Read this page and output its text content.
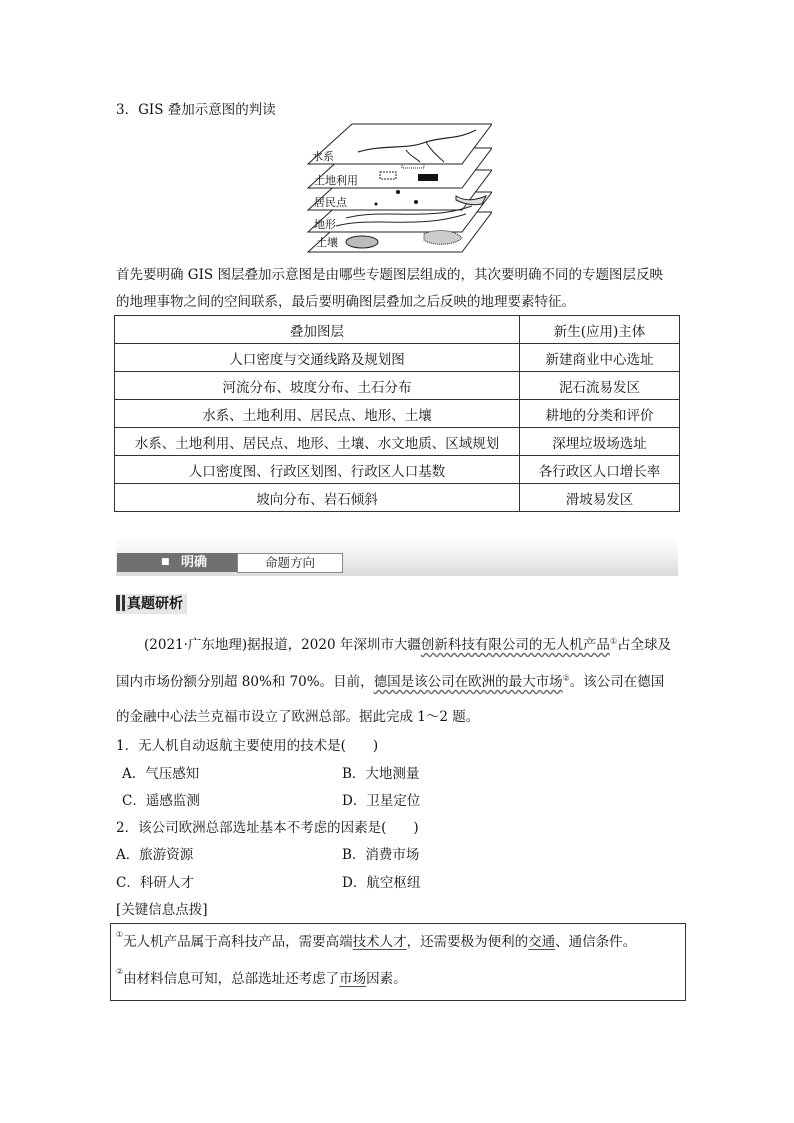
3．GIS 叠加示意图的判读
水系
土地利用
居民点
地形
土壤
首先要明确 GIS 图层叠加示意图是由哪些专题图层组成的，其次要明确不同的专题图层反映
的地理事物之间的空间联系，最后要明确图层叠加之后反映的地理要素特征。
叠加图层	新生(应用)主体
人口密度与交通线路及规划图	新建商业中心选址
河流分布、坡度分布、土石分布	泥石流易发区
水系、土地利用、居民点、地形、土壤	耕地的分类和评价
水系、土地利用、居民点、地形、土壤、水文地质、区域规划	深埋垃圾场选址
人口密度图、行政区划图、行政区人口基数	各行政区人口增长率
坡向分布、岩石倾斜	滑坡易发区
■ 明确	命题方向
真题研析
(2021·广东地理)据报道，2020 年深圳市大疆创新科技有限公司的无人机产品①占全球及
国内市场份额分别超 80%和 70%。目前，德国是该公司在欧洲的最大市场②。该公司在德国
的金融中心法兰克福市设立了欧洲总部。据此完成 1～2 题。
1．无人机自动返航主要使用的技术是(　　)
A．气压感知	B．大地测量
C．遥感监测	D．卫星定位
2．该公司欧洲总部选址基本不考虑的因素是(　　)
A．旅游资源	B．消费市场
C．科研人才	D．航空枢纽
[关键信息点拨]
①无人机产品属于高科技产品，需要高端技术人才，还需要极为便利的交通、通信条件。
②由材料信息可知，总部选址还考虑了市场因素。
